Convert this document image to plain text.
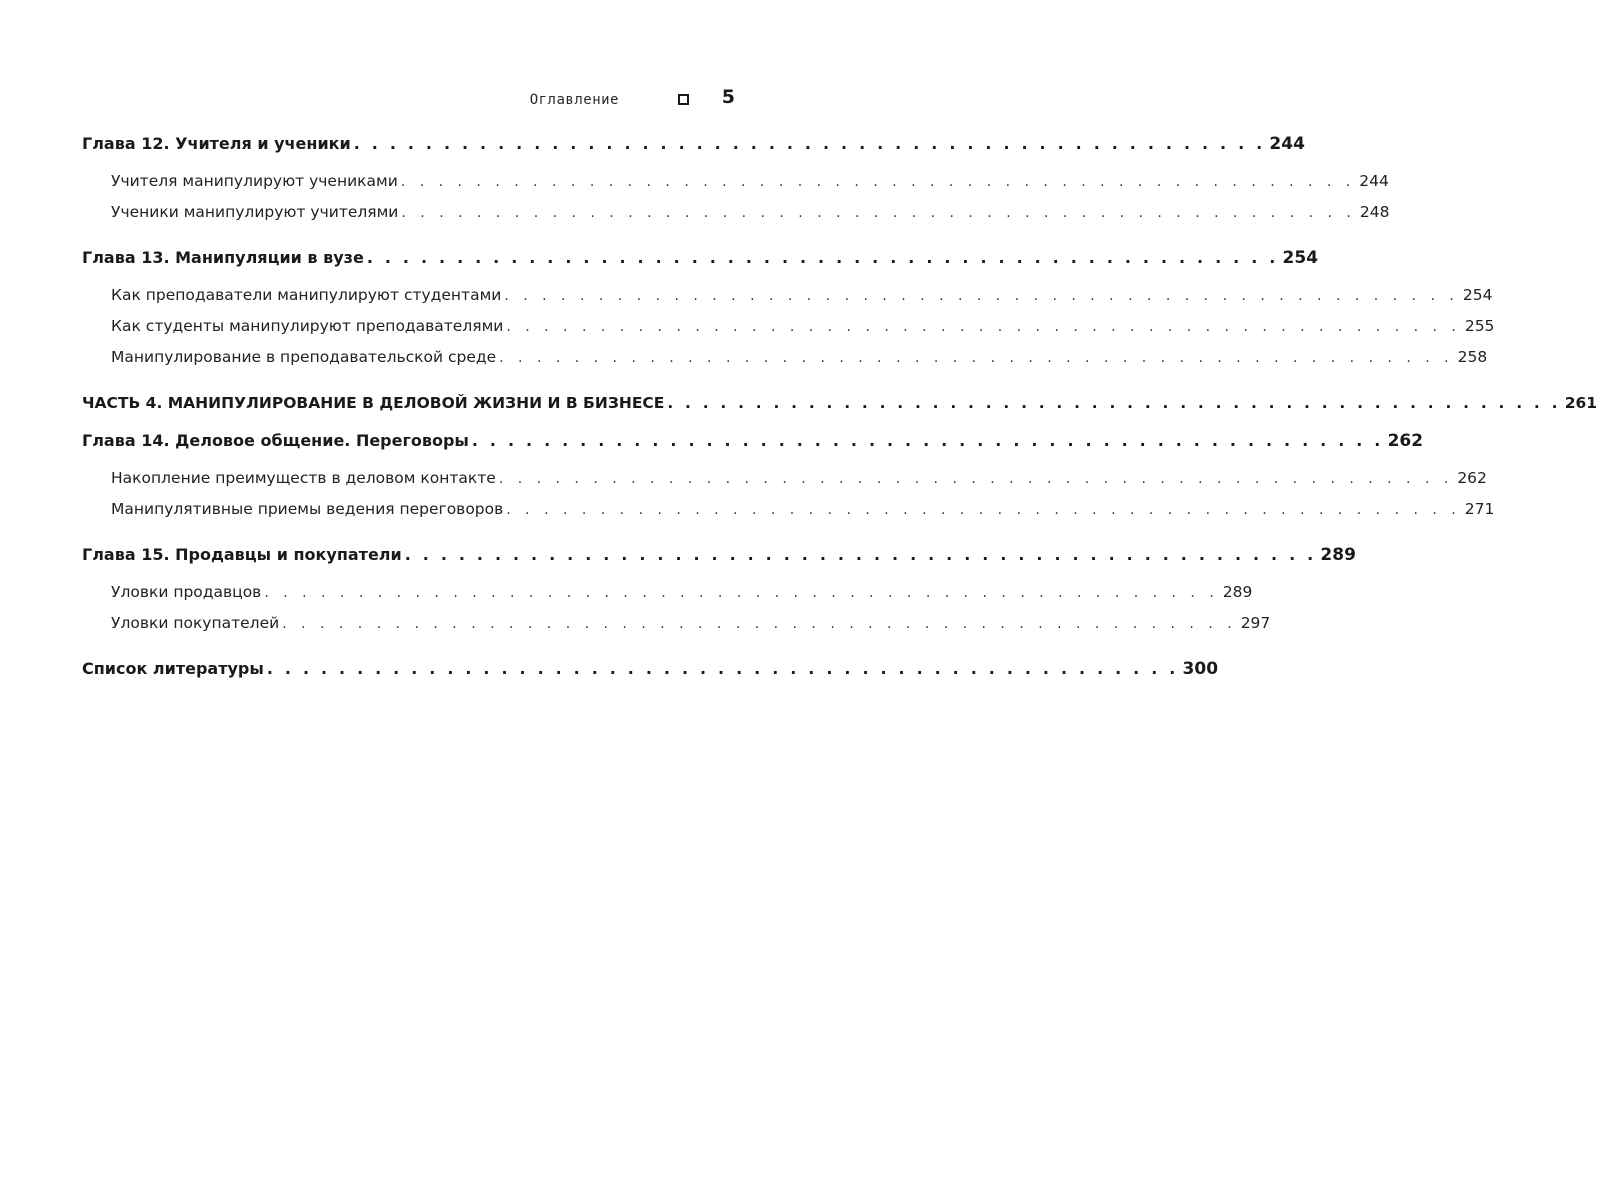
Оглавление	5
Глава 12. Учителя и ученики . . . . . . . . . . . . . . . . . . . . . . . . . . . . . . . . . . . . . . . . . . . . . . . . . . . 244
Учителя манипулируют учениками . . . . . . . . . . . . . . . . . . . . . . . . . . . . . . . . . . . . . . . . . . . . . . . . . . . 244
Ученики манипулируют учителями . . . . . . . . . . . . . . . . . . . . . . . . . . . . . . . . . . . . . . . . . . . . . . . . . . . 248
Глава 13. Манипуляции в вузе . . . . . . . . . . . . . . . . . . . . . . . . . . . . . . . . . . . . . . . . . . . . . . . . . . . 254
Как преподаватели манипулируют студентами . . . . . . . . . . . . . . . . . . . . . . . . . . . . . . . . . . . . . . . . . . . . . . . . . . . 254
Как студенты манипулируют преподавателями . . . . . . . . . . . . . . . . . . . . . . . . . . . . . . . . . . . . . . . . . . . . . . . . . . . 255
Манипулирование в преподавательской среде . . . . . . . . . . . . . . . . . . . . . . . . . . . . . . . . . . . . . . . . . . . . . . . . . . . 258
ЧАСТЬ 4. МАНИПУЛИРОВАНИЕ В ДЕЛОВОЙ ЖИЗНИ И В БИЗНЕСЕ . . . . . . . . . . . . . . . . . . . . . . . . . . . . . . . . . . . . . . . . . . . . . . . . . . . 261
Глава 14. Деловое общение. Переговоры . . . . . . . . . . . . . . . . . . . . . . . . . . . . . . . . . . . . . . . . . . . . . . . . . . . 262
Накопление преимуществ в деловом контакте . . . . . . . . . . . . . . . . . . . . . . . . . . . . . . . . . . . . . . . . . . . . . . . . . . . 262
Манипулятивные приемы ведения переговоров . . . . . . . . . . . . . . . . . . . . . . . . . . . . . . . . . . . . . . . . . . . . . . . . . . . 271
Глава 15. Продавцы и покупатели . . . . . . . . . . . . . . . . . . . . . . . . . . . . . . . . . . . . . . . . . . . . . . . . . . . 289
Уловки продавцов . . . . . . . . . . . . . . . . . . . . . . . . . . . . . . . . . . . . . . . . . . . . . . . . . . . 289
Уловки покупателей . . . . . . . . . . . . . . . . . . . . . . . . . . . . . . . . . . . . . . . . . . . . . . . . . . . 297
Список литературы . . . . . . . . . . . . . . . . . . . . . . . . . . . . . . . . . . . . . . . . . . . . . . . . . . . 300
